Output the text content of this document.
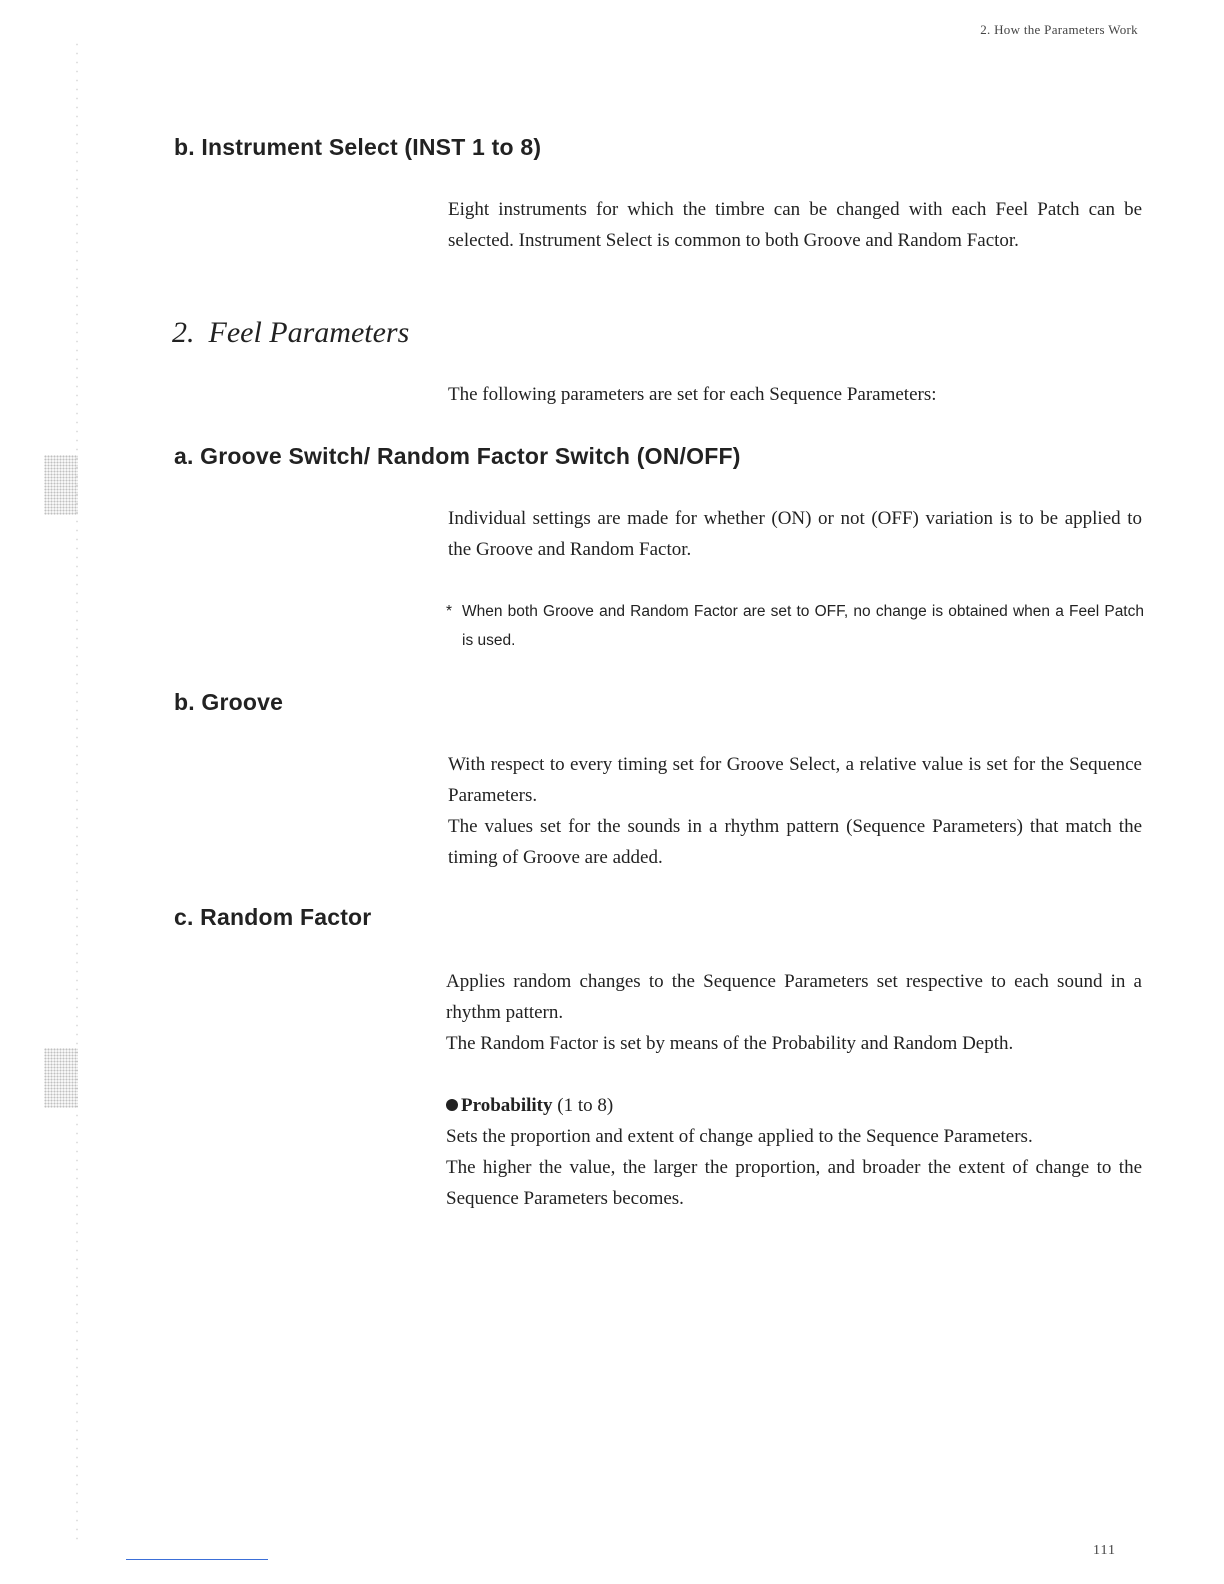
2. How the Parameters Work
b. Instrument Select (INST 1 to 8)

Eight instruments for which the timbre can be changed with each Feel Patch can be selected. Instrument Select is common to both Groove and Random Factor.

2. Feel Parameters

The following parameters are set for each Sequence Parameters:

a. Groove Switch/ Random Factor Switch (ON/OFF)

Individual settings are made for whether (ON) or not (OFF) variation is to be applied to the Groove and Random Factor.

* When both Groove and Random Factor are set to OFF, no change is obtained when a Feel Patch is used.
b. Groove

With respect to every timing set for Groove Select, a relative value is set for the Sequence Parameters.

The values set for the sounds in a rhythm pattern (Sequence Parameters) that match the timing of Groove are added.

c. Random Factor

Applies random changes to the Sequence Parameters set respective to each sound in a rhythm pattern.

The Random Factor is set by means of the Probability and Random Depth.

Probability (1 to 8)

Sets the proportion and extent of change applied to the Sequence Parameters.

The higher the value, the larger the proportion, and broader the extent of change to the Sequence Parameters becomes.

111
